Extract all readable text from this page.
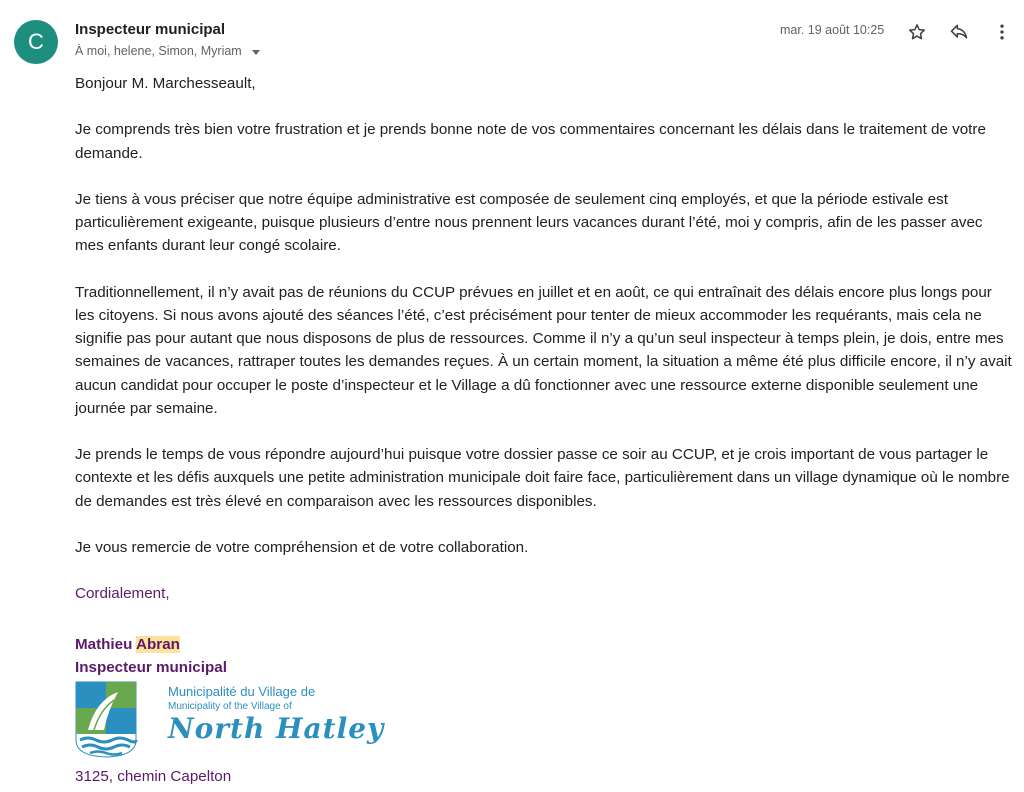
C	Inspecteur municipal
À moi, helene, Simon, Myriam
mar. 19 août 10:25

Bonjour M. Marchesseault,

Je comprends très bien votre frustration et je prends bonne note de vos commentaires concernant les délais dans le traitement de votre demande.

Je tiens à vous préciser que notre équipe administrative est composée de seulement cinq employés, et que la période estivale est particulièrement exigeante, puisque plusieurs d’entre nous prennent leurs vacances durant l’été, moi y compris, afin de les passer avec mes enfants durant leur congé scolaire.

Traditionnellement, il n’y avait pas de réunions du CCUP prévues en juillet et en août, ce qui entraînait des délais encore plus longs pour les citoyens. Si nous avons ajouté des séances l’été, c’est précisément pour tenter de mieux accommoder les requérants, mais cela ne signifie pas pour autant que nous disposons de plus de ressources. Comme il n’y a qu’un seul inspecteur à temps plein, je dois, entre mes semaines de vacances, rattraper toutes les demandes reçues. À un certain moment, la situation a même été plus difficile encore, il n’y avait aucun candidat pour occuper le poste d’inspecteur et le Village a dû fonctionner avec une ressource externe disponible seulement une journée par semaine.

Je prends le temps de vous répondre aujourd’hui puisque votre dossier passe ce soir au CCUP, et je crois important de vous partager le contexte et les défis auxquels une petite administration municipale doit faire face, particulièrement dans un village dynamique où le nombre de demandes est très élevé en comparaison avec les ressources disponibles.

Je vous remercie de votre compréhension et de votre collaboration.

Cordialement,

Mathieu Abran
Inspecteur municipal
Municipalité du Village de
Municipality of the Village of
North Hatley
3125, chemin Capelton
